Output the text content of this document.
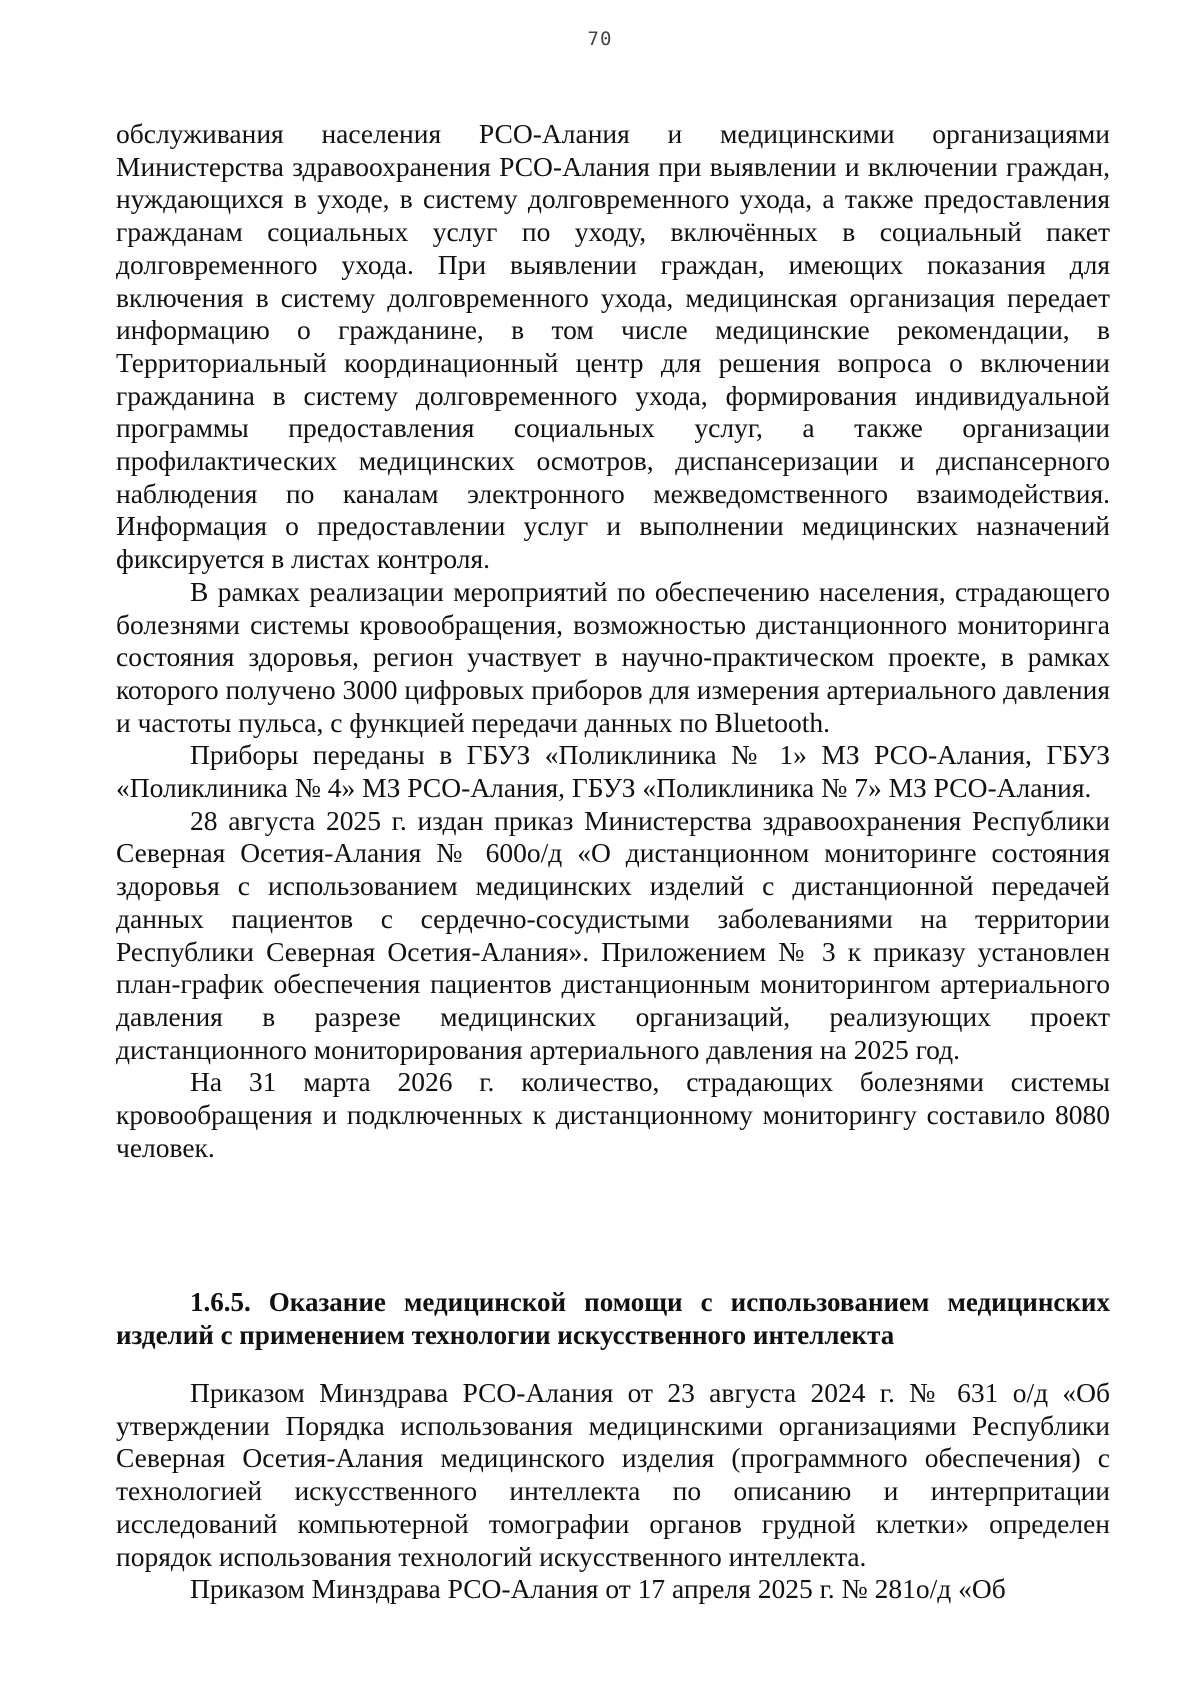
70

обслуживания населения РСО-Алания и медицинскими организациями Министерства здравоохранения РСО-Алания при выявлении и включении граждан, нуждающихся в уходе, в систему долговременного ухода, а также предоставления гражданам социальных услуг по уходу, включённых в социальный пакет долговременного ухода. При выявлении граждан, имеющих показания для включения в систему долговременного ухода, медицинская организация передает информацию о гражданине, в том числе медицинские рекомендации, в Территориальный координационный центр для решения вопроса о включении гражданина в систему долговременного ухода, формирования индивидуальной программы предоставления социальных услуг, а также организации профилактических медицинских осмотров, диспансеризации и диспансерного наблюдения по каналам электронного межведомственного взаимодействия. Информация о предоставлении услуг и выполнении медицинских назначений фиксируется в листах контроля.

В рамках реализации мероприятий по обеспечению населения, страдающего болезнями системы кровообращения, возможностью дистанционного мониторинга состояния здоровья, регион участвует в научно-практическом проекте, в рамках которого получено 3000 цифровых приборов для измерения артериального давления и частоты пульса, с функцией передачи данных по Bluetooth.

Приборы переданы в ГБУЗ «Поликлиника № 1» МЗ РСО-Алания, ГБУЗ «Поликлиника № 4» МЗ РСО-Алания, ГБУЗ «Поликлиника № 7» МЗ РСО-Алания.

28 августа 2025 г. издан приказ Министерства здравоохранения Республики Северная Осетия-Алания № 600о/д «О дистанционном мониторинге состояния здоровья с использованием медицинских изделий с дистанционной передачей данных пациентов с сердечно-сосудистыми заболеваниями на территории Республики Северная Осетия-Алания». Приложением № 3 к приказу установлен план-график обеспечения пациентов дистанционным мониторингом артериального давления в разрезе медицинских организаций, реализующих проект дистанционного мониторирования артериального давления на 2025 год.

На 31 марта 2026 г. количество, страдающих болезнями системы кровообращения и подключенных к дистанционному мониторингу составило 8080 человек.

1.6.5. Оказание медицинской помощи с использованием медицинских изделий с применением технологии искусственного интеллекта

Приказом Минздрава РСО-Алания от 23 августа 2024 г. № 631 о/д «Об утверждении Порядка использования медицинскими организациями Республики Северная Осетия-Алания медицинского изделия (программного обеспечения) с технологией искусственного интеллекта по описанию и интерпритации исследований компьютерной томографии органов грудной клетки» определен порядок использования технологий искусственного интеллекта.

Приказом Минздрава РСО-Алания от 17 апреля 2025 г. № 281о/д «Об
